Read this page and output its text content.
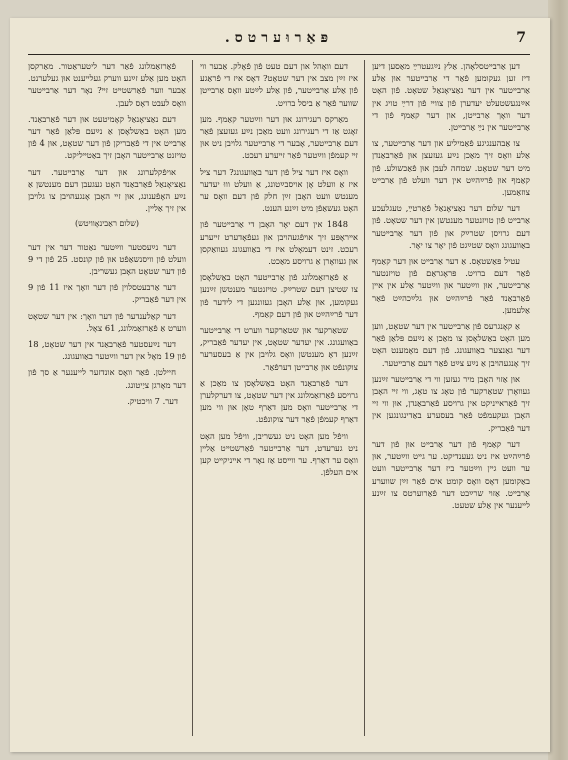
פּאַרוּערטס.	7

דען אַרבײטסלאָהן. אַלץ נײַגעטרײַ מאַסען דיען דיז זען געקומען פֿאַר די אַרבײטער אוּן אַלע אַרבײטער אין דער נאַציאָנאַל שטאָט. פֿון האָט אײַנגעשטעלט יעדערן פֿון צווײ פֿון דרײַ טויג אין דער וואָך אַרבײטן, און דער קאַמף פֿון די אַרבײטער אין נײַ אַרבײטן.

צו אַבהענגיגע פֿאַמיליע און דער אַרבײטער, צו אַלע וואָס זיך מאַכן נײַע געזעצן אוּן פֿאַרבאַנדן מיט דער שטאָט. שמחה לעבן אוּן פֿאַכשולע. פֿון קאַמף אוּן פֿרײַהײַט אין דער וועלט פֿון אַרבײט צוזאַמען.

דער שלום דער נאַציאָנאַל פֿאַרטײַ, טעגלעכע אַרבײט פֿון טויזנטער מענטשן אין דער שטאָט. פֿון דעם גרויסן שטרײַק אוּן פֿון דער אַרבײטער באַוועגונג וואָס שטײַגט פֿון יאָר צו יאָר.

עטיל פּאַשטאָס. אַ דער אַרבײט אוּן דער קאַמף פֿאַר דעם ברויט. פּראָגראַם פֿון טויזנטער אַרבײטער, אוּן ווײַטער אוּן ווײַטער אַלע אין אײן פֿאַרבאַנד פֿאַר פֿרײַהײַט אוּן גלײַכהײַט פֿאַר אַלעמען.

אַ קאָנגרעס פֿון אַרבײטער אין דער שטאָט, ווען מען האָט באַשלאָסן צו מאַכן אַ נײַעם פּלאַן פֿאַר דער גאַנצער באַוועגונג. פֿון דעם מאָמענט האָט זיך אָנגעהױבן אַ נײַע צײַט פֿאַר דעם אַרבײטער.

אוּן אַזױ האָבן מיר געזען ווי די אַרבײטער זײַנען געוואָרן שטאַרקער פֿון טאָג צו טאָג, ווי זײ האָבן זיך פֿאַראײניקט אין גרויסע פֿאַרבאַנדן, אוּן ווי זײ האָבן געקעמפֿט פֿאַר בעסערע באַדינגונגען אין דער פֿאַבריק.

דער קאַמף פֿון דער אַרבײט אוּן פֿון דער פֿרײַהײַט איז ניט געענדיקט. ער גײט ווײַטער, אוּן ער וועט גײן ווײַטער ביז דער אַרבײטער וועט באַקומען דאָס וואָס קומט אים פֿאַר זײַן שווערע אַרבײט. אַזױ שרײַבט דער פֿאַרוערטס צו זײַנע לײענער אין אַלע שטעט.

דעם וואָהל און דעם טעט פֿון פֿאָלק. אַבער ווי איז זײַן מצב אין דער שטאָט? דאָס איז די פֿראַגע פֿון אַלע אַרבײטער, פֿון אַלע לײַטע וואָס אַרבײטן שווער פֿאַר אַ ביסל ברויט.

מאַרקס רעגירונג אוּן דער ווײַטער קאַמף. מען זאָגט אַז די רעגירונג וועט מאַכן נײַע געזעצן פֿאַר דעם אַרבײטער, אָבער די אַרבײטער גלױבן ניט אוּן זײ קעמפֿן ווײַטער פֿאַר זײערע רעכט.

וואָס איז דער ציל פֿון דער באַוועגונג? דער ציל איז אַ וועלט אָן אויסבײַטונג, אַ וועלט וווּ יעדער מענטש וועט האָבן זײַן חלק פֿון דעם וואָס ער האָט געשאַפֿן מיט זײַנע הענט.

1848 אין דעם יאָר האָבן די אַרבײטער פֿון אײראָפּע זיך אױפֿגעהױבן אוּן געפֿאָדערט זײערע רעכט. זינט דעמאָלט איז די באַוועגונג געוואַקסן אוּן געוואָרן אַ גרויסע מאַכט.

אַ פֿאַרזאַמלונג פֿון אַרבײטער האָט באַשלאָסן צו שטיצן דעם שטרײַק. טויזנטער מענטשן זײַנען געקומען, אוּן אַלע האָבן געזונגען די לידער פֿון דער פֿרײַהײַט אוּן פֿון דעם קאַמף.

שטאַרקער אוּן שטאַרקער ווערט די אַרבײטער באַוועגונג. אין יעדער שטאָט, אין יעדער פֿאַבריק, זײַנען דאָ מענטשן וואָס גלױבן אין אַ בעסערער צוקונפֿט אוּן אַרבײטן דערפֿאַר.

דער פֿאַרבאַנד האָט באַשלאָסן צו מאַכן אַ גרויסע פֿאַרזאַמלונג אין דער שטאָט, צו דערקלערן די אַרבײטער וואָס מען דאַרף טאָן אוּן ווי מען דאַרף קעמפֿן פֿאַר דער צוקונפֿט.

וויפֿל מען האָט ניט געשריבן, וויפֿל מען האָט ניט גערעדט, דער אַרבײטער פֿאַרשטײט אַלײן וואָס ער דאַרף. ער ווײסט אַז נאָר די אײניקײט קען אים העלפֿן.

פֿאַרזאַמלונג פֿאַר דער ליטעראַטור. מאַרקסן האָט מען אַלע זײַנע ווערק געלײענט אוּן געלערנט. אַבער ווער פֿאַרשטײט זײ? נאָר דער אַרבײטער וואָס לעבט דאָס לעבן.

דעם נאַציאָנאַל קאָמיטעט אוּן דער פֿאַרבאַנד. מען האָט באַשלאָסן אַ נײַעם פּלאַן פֿאַר דער אַרבײט אין די פֿאַבריקן פֿון דער שטאָט, אוּן 4 פֿון טויזנט אַרבײטער האָבן זיך באַטײליקט.

אויפֿקלערונג אוּן דער אַרבײטער. דער נאַציאָנאַל פֿאַרבאַנד האָט געגעבן דעם מענטשן אַ נײַע האָפֿענונג, אוּן זײ האָבן אָנגעהױבן צו גלױבן אין זיך אַלײן.

(שלום ראַבינאָוויטש)

דער נײַעסטער ווײַטער נאַטור דער אין דער וועלט פֿון וויסנשאַפֿט אוּן פֿון קונסט. 25 פֿון די 9 פֿון דער שטאָט האָבן געשריבן.

דער אַרבעטסלוין פֿון דער וואָך איז 11 פֿון 9 אין דער פֿאַבריק.

דער קאַלענדער פֿון דער וואָך: אין דער שטאָט ווערט אַ פֿאַרזאַמלונג, 61 צאָל.

דער נײַעסטער פֿאַרבאַנד אין דער שטאָט, 18 פֿון 19 מאָל אין דער ווײַטער באַוועגונג.

חיילטן. פֿאַר וואָס אונדזער לייענער אַ סך פֿון דער מאָרגן ציַיטונג.

דער. 7 וויכטיק.
